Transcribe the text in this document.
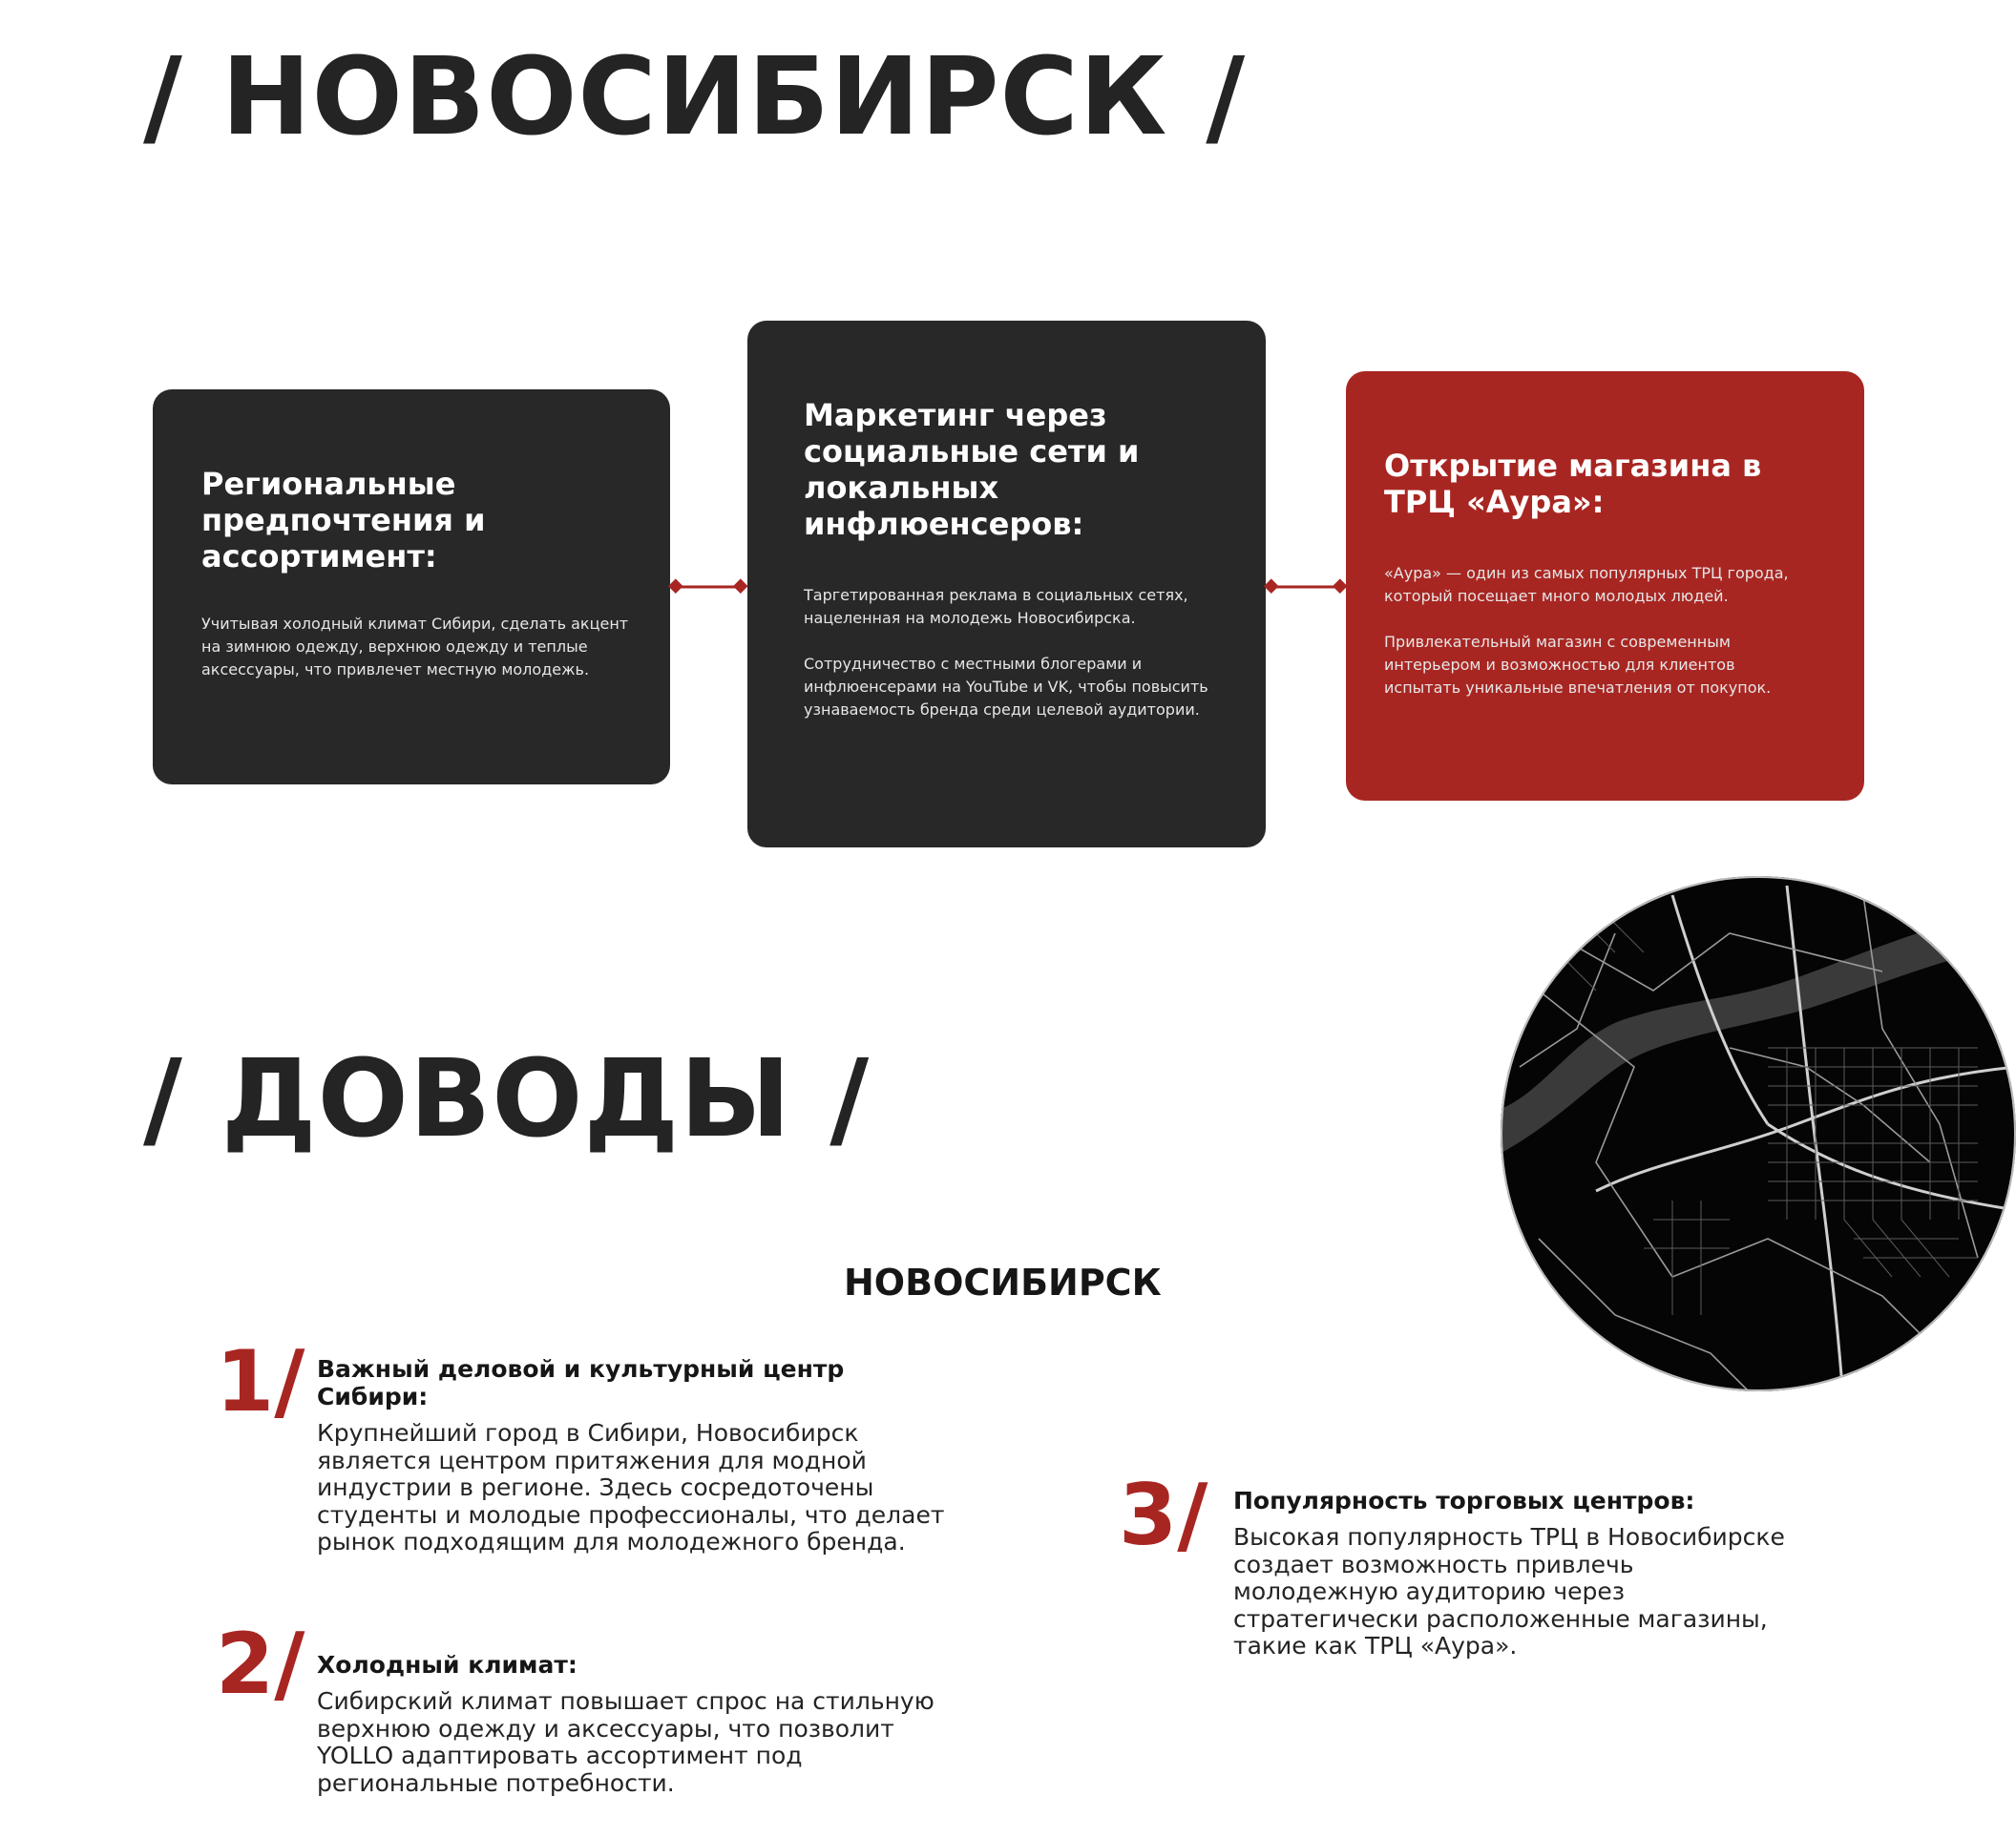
/ НОВОСИБИРСК /
Региональные предпочтения и ассортимент:

Учитывая холодный климат Сибири, сделать акцент на зимнюю одежду, верхнюю одежду и теплые аксессуары, что привлечет местную молодежь.

Маркетинг через социальные сети и локальных инфлюенсеров:

Таргетированная реклама в социальных сетях, нацеленная на молодежь Новосибирска.

Сотрудничество с местными блогерами и инфлюенсерами на YouTube и VK, чтобы повысить узнаваемость бренда среди целевой аудитории.

Открытие магазина в ТРЦ «Аура»:

«Аура» — один из самых популярных ТРЦ города, который посещает много молодых людей.

Привлекательный магазин с современным интерьером и возможностью для клиентов испытать уникальные впечатления от покупок.

/ ДОВОДЫ /
НОВОСИБИРСК
1/ Важный деловой и культурный центр Сибири:

Крупнейший город в Сибири, Новосибирск является центром притяжения для модной индустрии в регионе. Здесь сосредоточены студенты и молодые профессионалы, что делает рынок подходящим для молодежного бренда.

2/ Холодный климат:

Сибирский климат повышает спрос на стильную верхнюю одежду и аксессуары, что позволит YOLLO адаптировать ассортимент под региональные потребности.

3/ Популярность торговых центров:

Высокая популярность ТРЦ в Новосибирске создает возможность привлечь молодежную аудиторию через стратегически расположенные магазины, такие как ТРЦ «Аура».
